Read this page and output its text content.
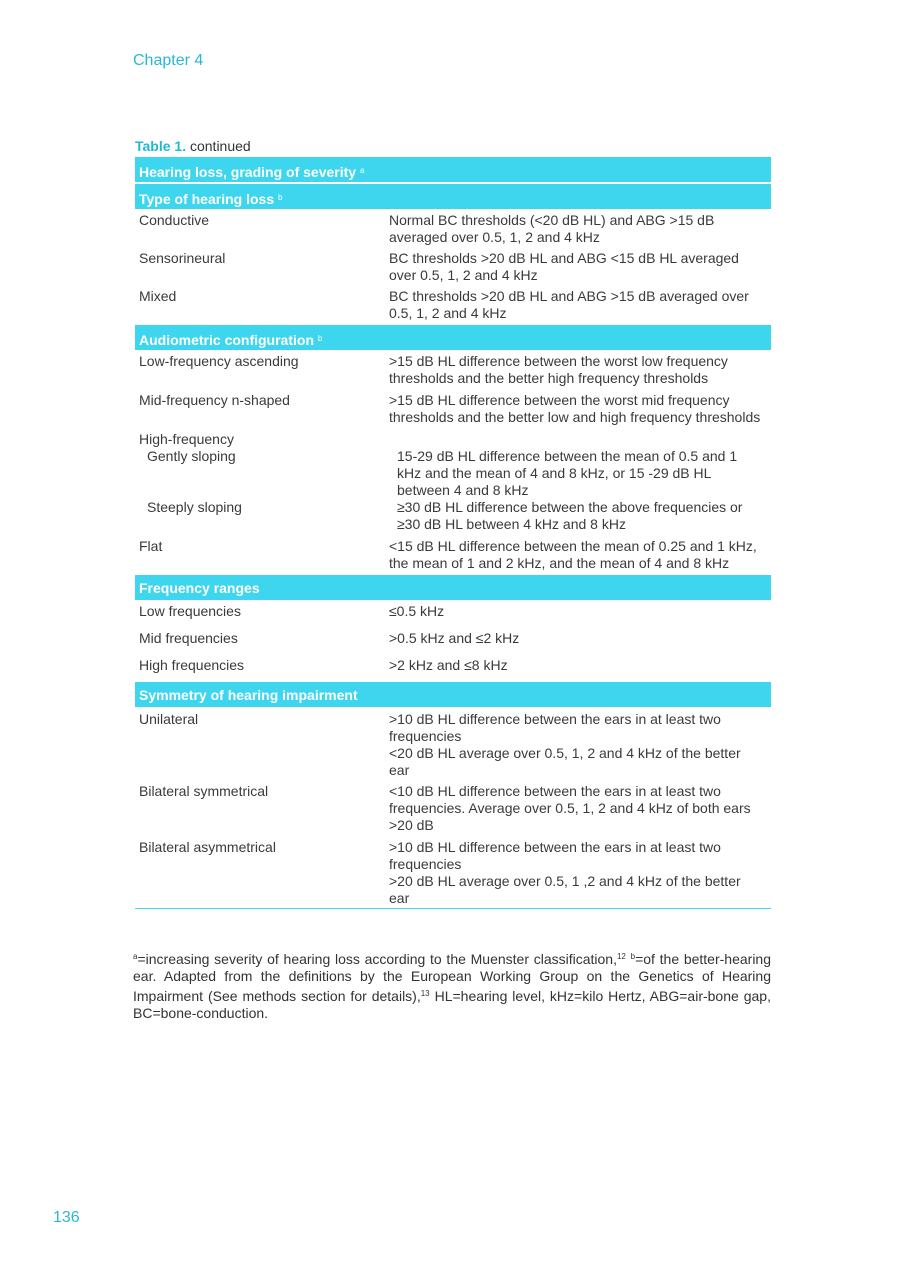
Chapter 4
Table 1. continued
Hearing loss, grading of severity $^a$
Type of hearing loss $^b$
Conductive	Normal BC thresholds (<20 dB HL) and ABG >15 dB averaged over 0.5, 1, 2 and 4 kHz
Sensorineural	BC thresholds >20 dB HL and ABG <15 dB HL averaged over 0.5, 1, 2 and 4 kHz
Mixed	BC thresholds >20 dB HL and ABG >15 dB averaged over 0.5, 1, 2 and 4 kHz
Audiometric configuration $^b$
Low-frequency ascending	>15 dB HL difference between the worst low frequency thresholds and the better high frequency thresholds
Mid-frequency n-shaped	>15 dB HL difference between the worst mid frequency thresholds and the better low and high frequency thresholds
High-frequency
Gently sloping	15-29 dB HL difference between the mean of 0.5 and 1 kHz and the mean of 4 and 8 kHz, or 15 -29 dB HL between 4 and 8 kHz
Steeply sloping	≥30 dB HL difference between the above frequencies or ≥30 dB HL between 4 kHz and 8 kHz
Flat	<15 dB HL difference between the mean of 0.25 and 1 kHz, the mean of 1 and 2 kHz, and the mean of 4 and 8 kHz
Frequency ranges
Low frequencies	≤0.5 kHz
Mid frequencies	>0.5 kHz and ≤2 kHz
High frequencies	>2 kHz and ≤8 kHz
Symmetry of hearing impairment
Unilateral	>10 dB HL difference between the ears in at least two frequencies
<20 dB HL average over 0.5, 1, 2 and 4 kHz of the better ear
Bilateral symmetrical	<10 dB HL difference between the ears in at least two frequencies. Average over 0.5, 1, 2 and 4 kHz of both ears >20 dB
Bilateral asymmetrical	>10 dB HL difference between the ears in at least two frequencies
>20 dB HL average over 0.5, 1 ,2 and 4 kHz of the better ear
$^a$=increasing severity of hearing loss according to the Muenster classification,$^{12}$ $^b$=of the better-hearing ear. Adapted from the definitions by the European Working Group on the Genetics of Hearing Impairment (See methods section for details),$^{13}$ HL=hearing level, kHz=kilo Hertz, ABG=air-bone gap, BC=bone-conduction.
136
